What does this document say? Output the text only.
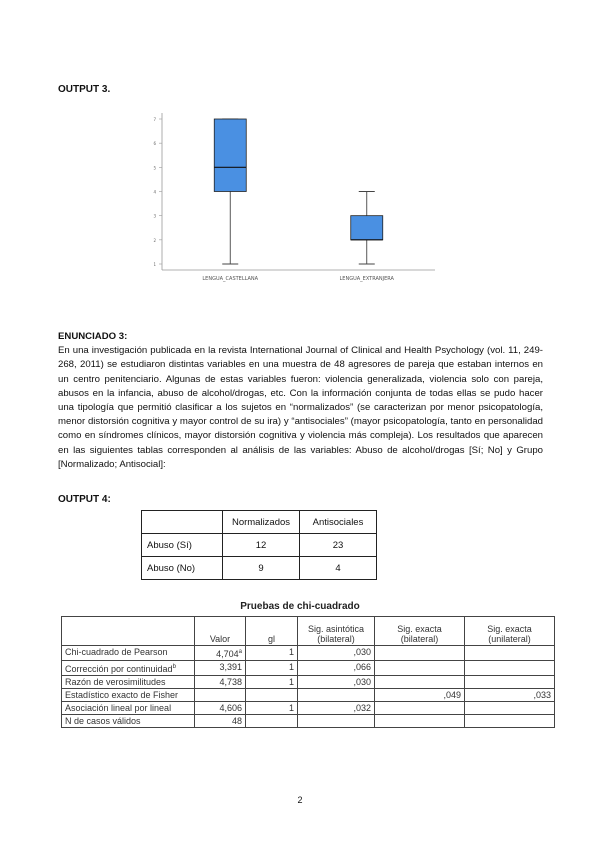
OUTPUT 3.
1
2
3
4
5
6
7
LENGUA_CASTELLANA	LENGUA_EXTRANJERA
ENUNCIADO 3:
En una investigación publicada en la revista International Journal of Clinical and Health Psychology (vol. 11, 249-268, 2011) se estudiaron distintas variables en una muestra de 48 agresores de pareja que estaban internos en un centro penitenciario. Algunas de estas variables fueron: violencia generalizada, violencia solo con pareja, abusos en la infancia, abuso de alcohol/drogas, etc. Con la información conjunta de todas ellas se pudo hacer una tipología que permitió clasificar a los sujetos en “normalizados” (se caracterizan por menor psicopatología, menor distorsión cognitiva y mayor control de su ira) y “antisociales” (mayor psicopatología, tanto en personalidad como en síndromes clínicos, mayor distorsión cognitiva y violencia más compleja). Los resultados que aparecen en las siguientes tablas corresponden al análisis de las variables: Abuso de alcohol/drogas [Sí; No] y Grupo [Normalizado; Antisocial]:
OUTPUT 4:
	Normalizados	Antisociales
Abuso (Sí)	12	23
Abuso (No)	9	4
Pruebas de chi-cuadrado
	Valor	gl	Sig. asintótica (bilateral)	Sig. exacta (bilateral)	Sig. exacta (unilateral)
Chi-cuadrado de Pearson	4,704$^a$	1	,030		
Corrección por continuidad$^b$	3,391	1	,066		
Razón de verosimilitudes	4,738	1	,030		
Estadístico exacto de Fisher				,049	,033
Asociación lineal por lineal	4,606	1	,032		
N de casos válidos	48				
2
